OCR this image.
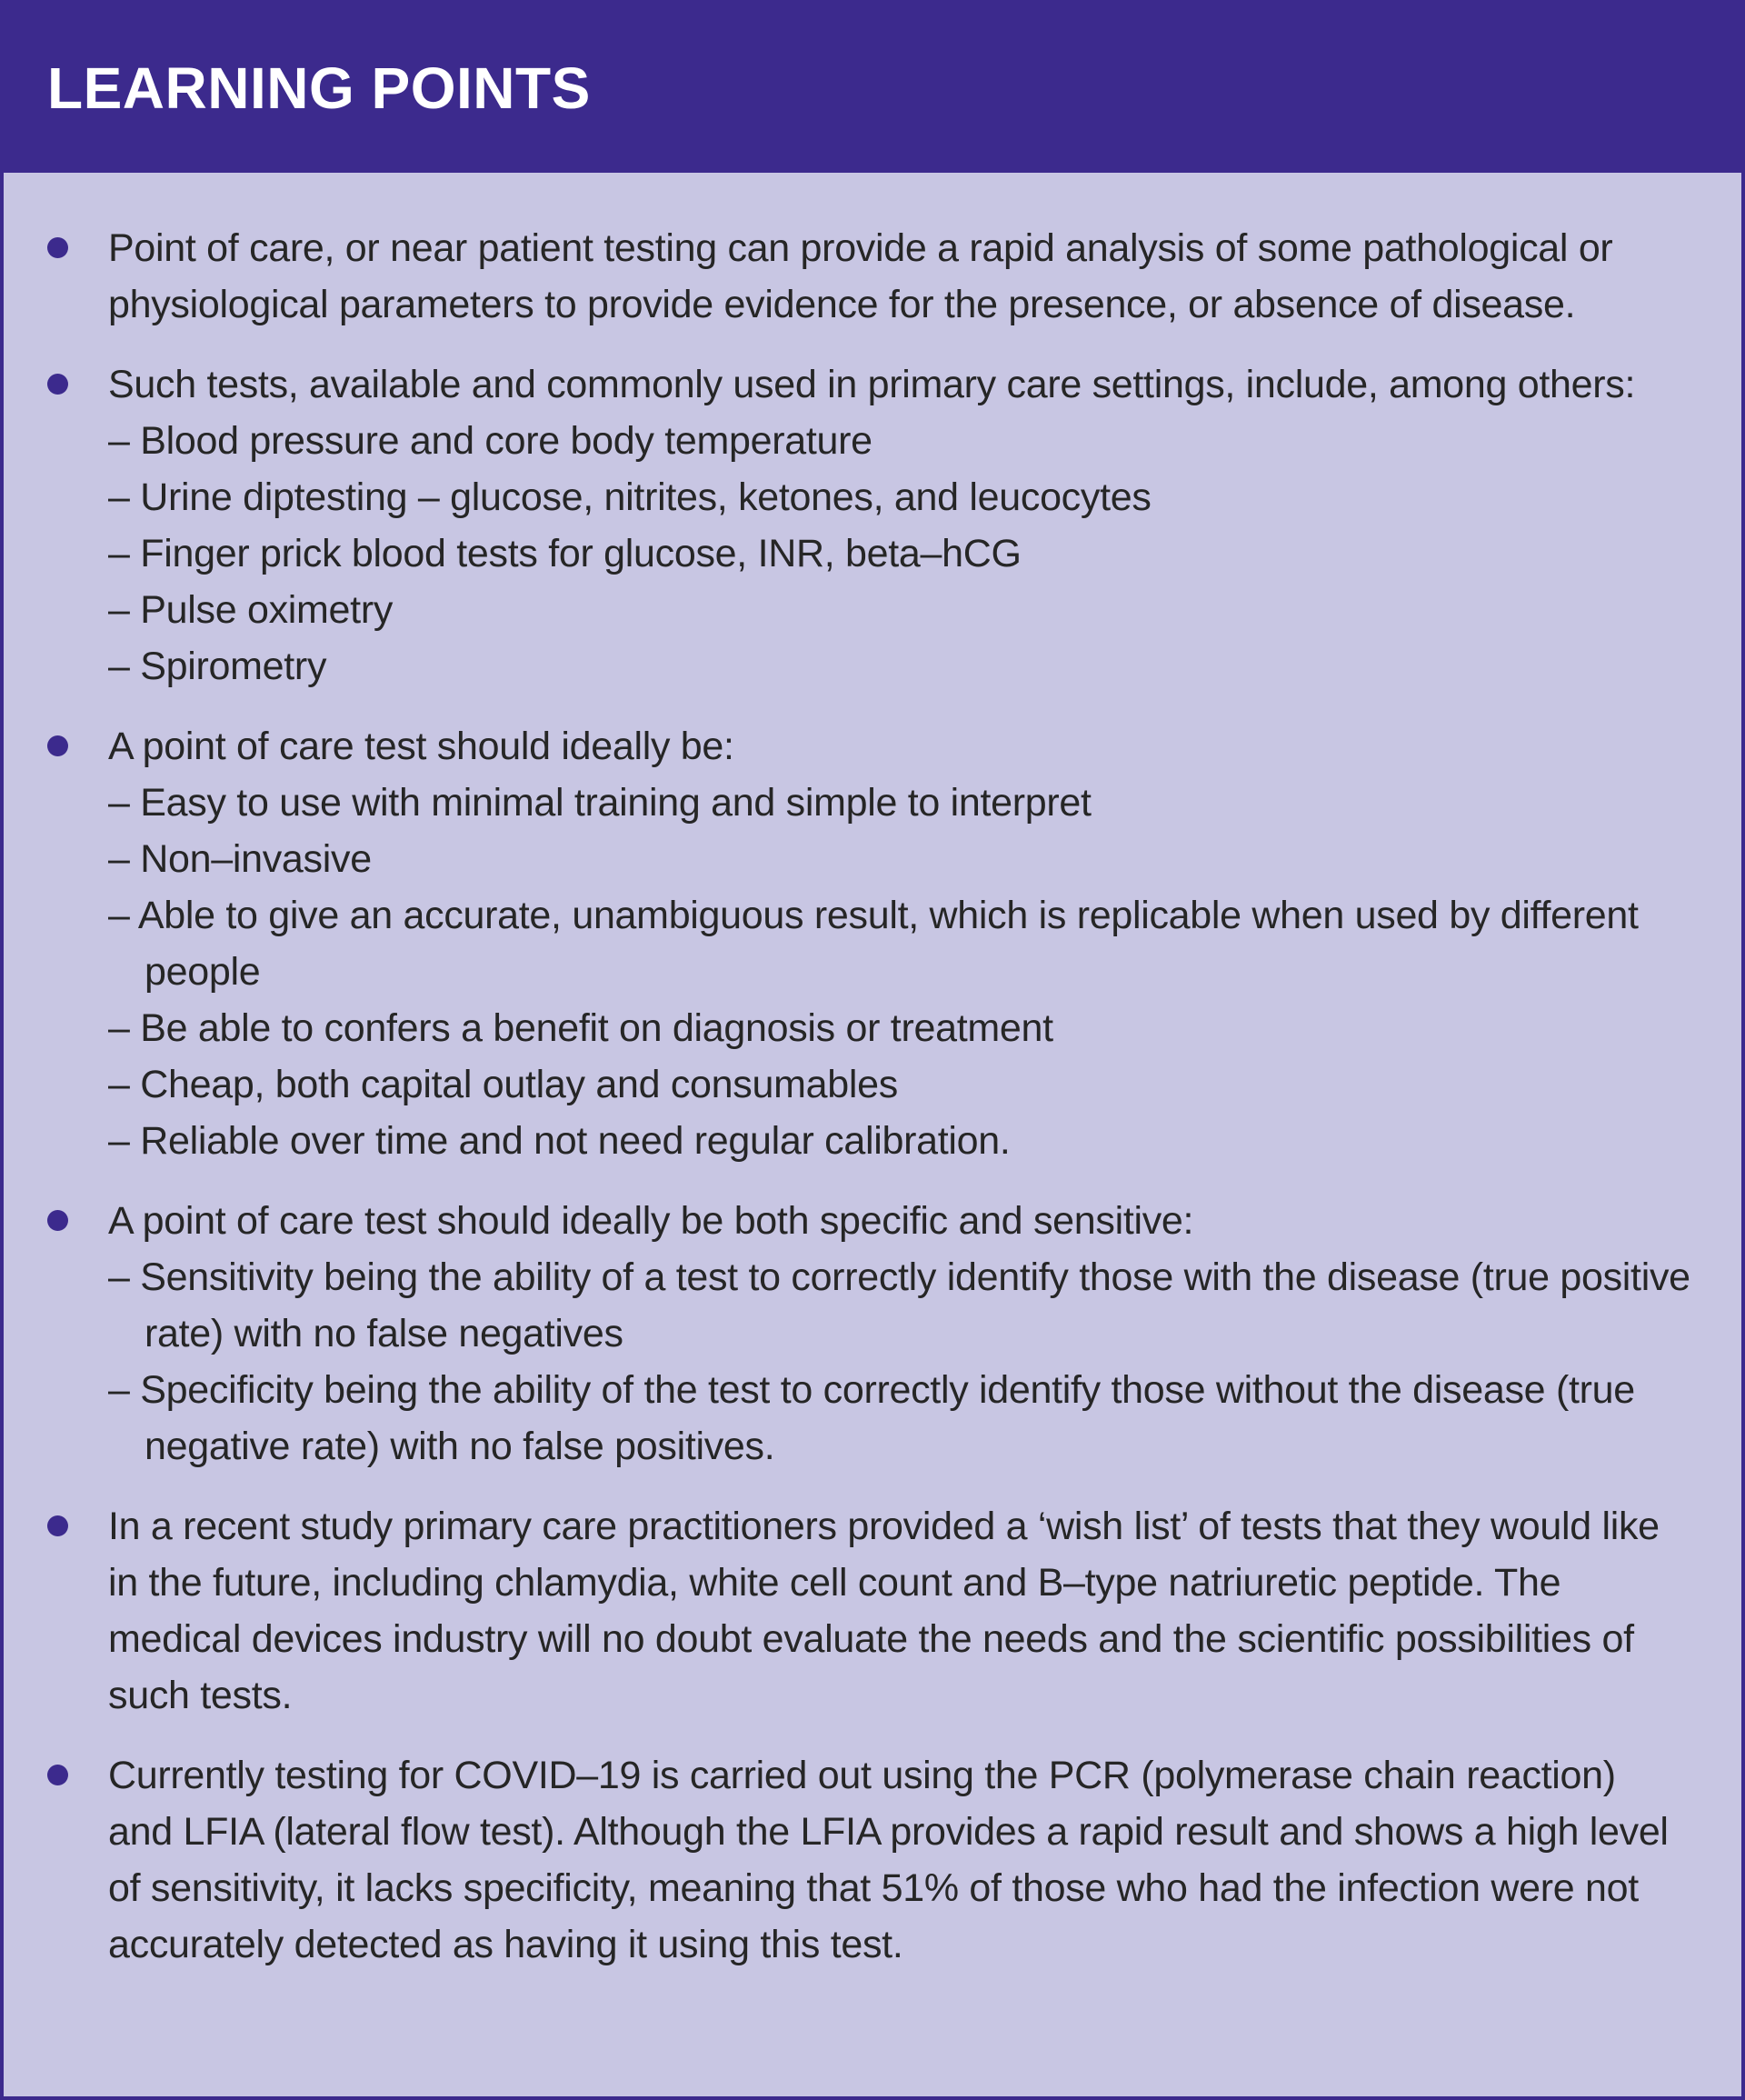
LEARNING POINTS
Point of care, or near patient testing can provide a rapid analysis of some pathological or physiological parameters to provide evidence for the presence, or absence of disease.
Such tests, available and commonly used in primary care settings, include, among others:
– Blood pressure and core body temperature
– Urine diptesting – glucose, nitrites, ketones, and leucocytes
– Finger prick blood tests for glucose, INR, beta–hCG
– Pulse oximetry
– Spirometry
A point of care test should ideally be:
– Easy to use with minimal training and simple to interpret
– Non–invasive
– Able to give an accurate, unambiguous result, which is replicable when used by different people
– Be able to confers a benefit on diagnosis or treatment
– Cheap, both capital outlay and consumables
– Reliable over time and not need regular calibration.
A point of care test should ideally be both specific and sensitive:
– Sensitivity being the ability of a test to correctly identify those with the disease (true positive rate) with no false negatives
– Specificity being the ability of the test to correctly identify those without the disease (true negative rate) with no false positives.
In a recent study primary care practitioners provided a ‘wish list’ of tests that they would like in the future, including chlamydia, white cell count and B–type natriuretic peptide. The medical devices industry will no doubt evaluate the needs and the scientific possibilities of such tests.
Currently testing for COVID–19 is carried out using the PCR (polymerase chain reaction) and LFIA (lateral flow test). Although the LFIA provides a rapid result and shows a high level of sensitivity, it lacks specificity, meaning that 51% of those who had the infection were not accurately detected as having it using this test.
